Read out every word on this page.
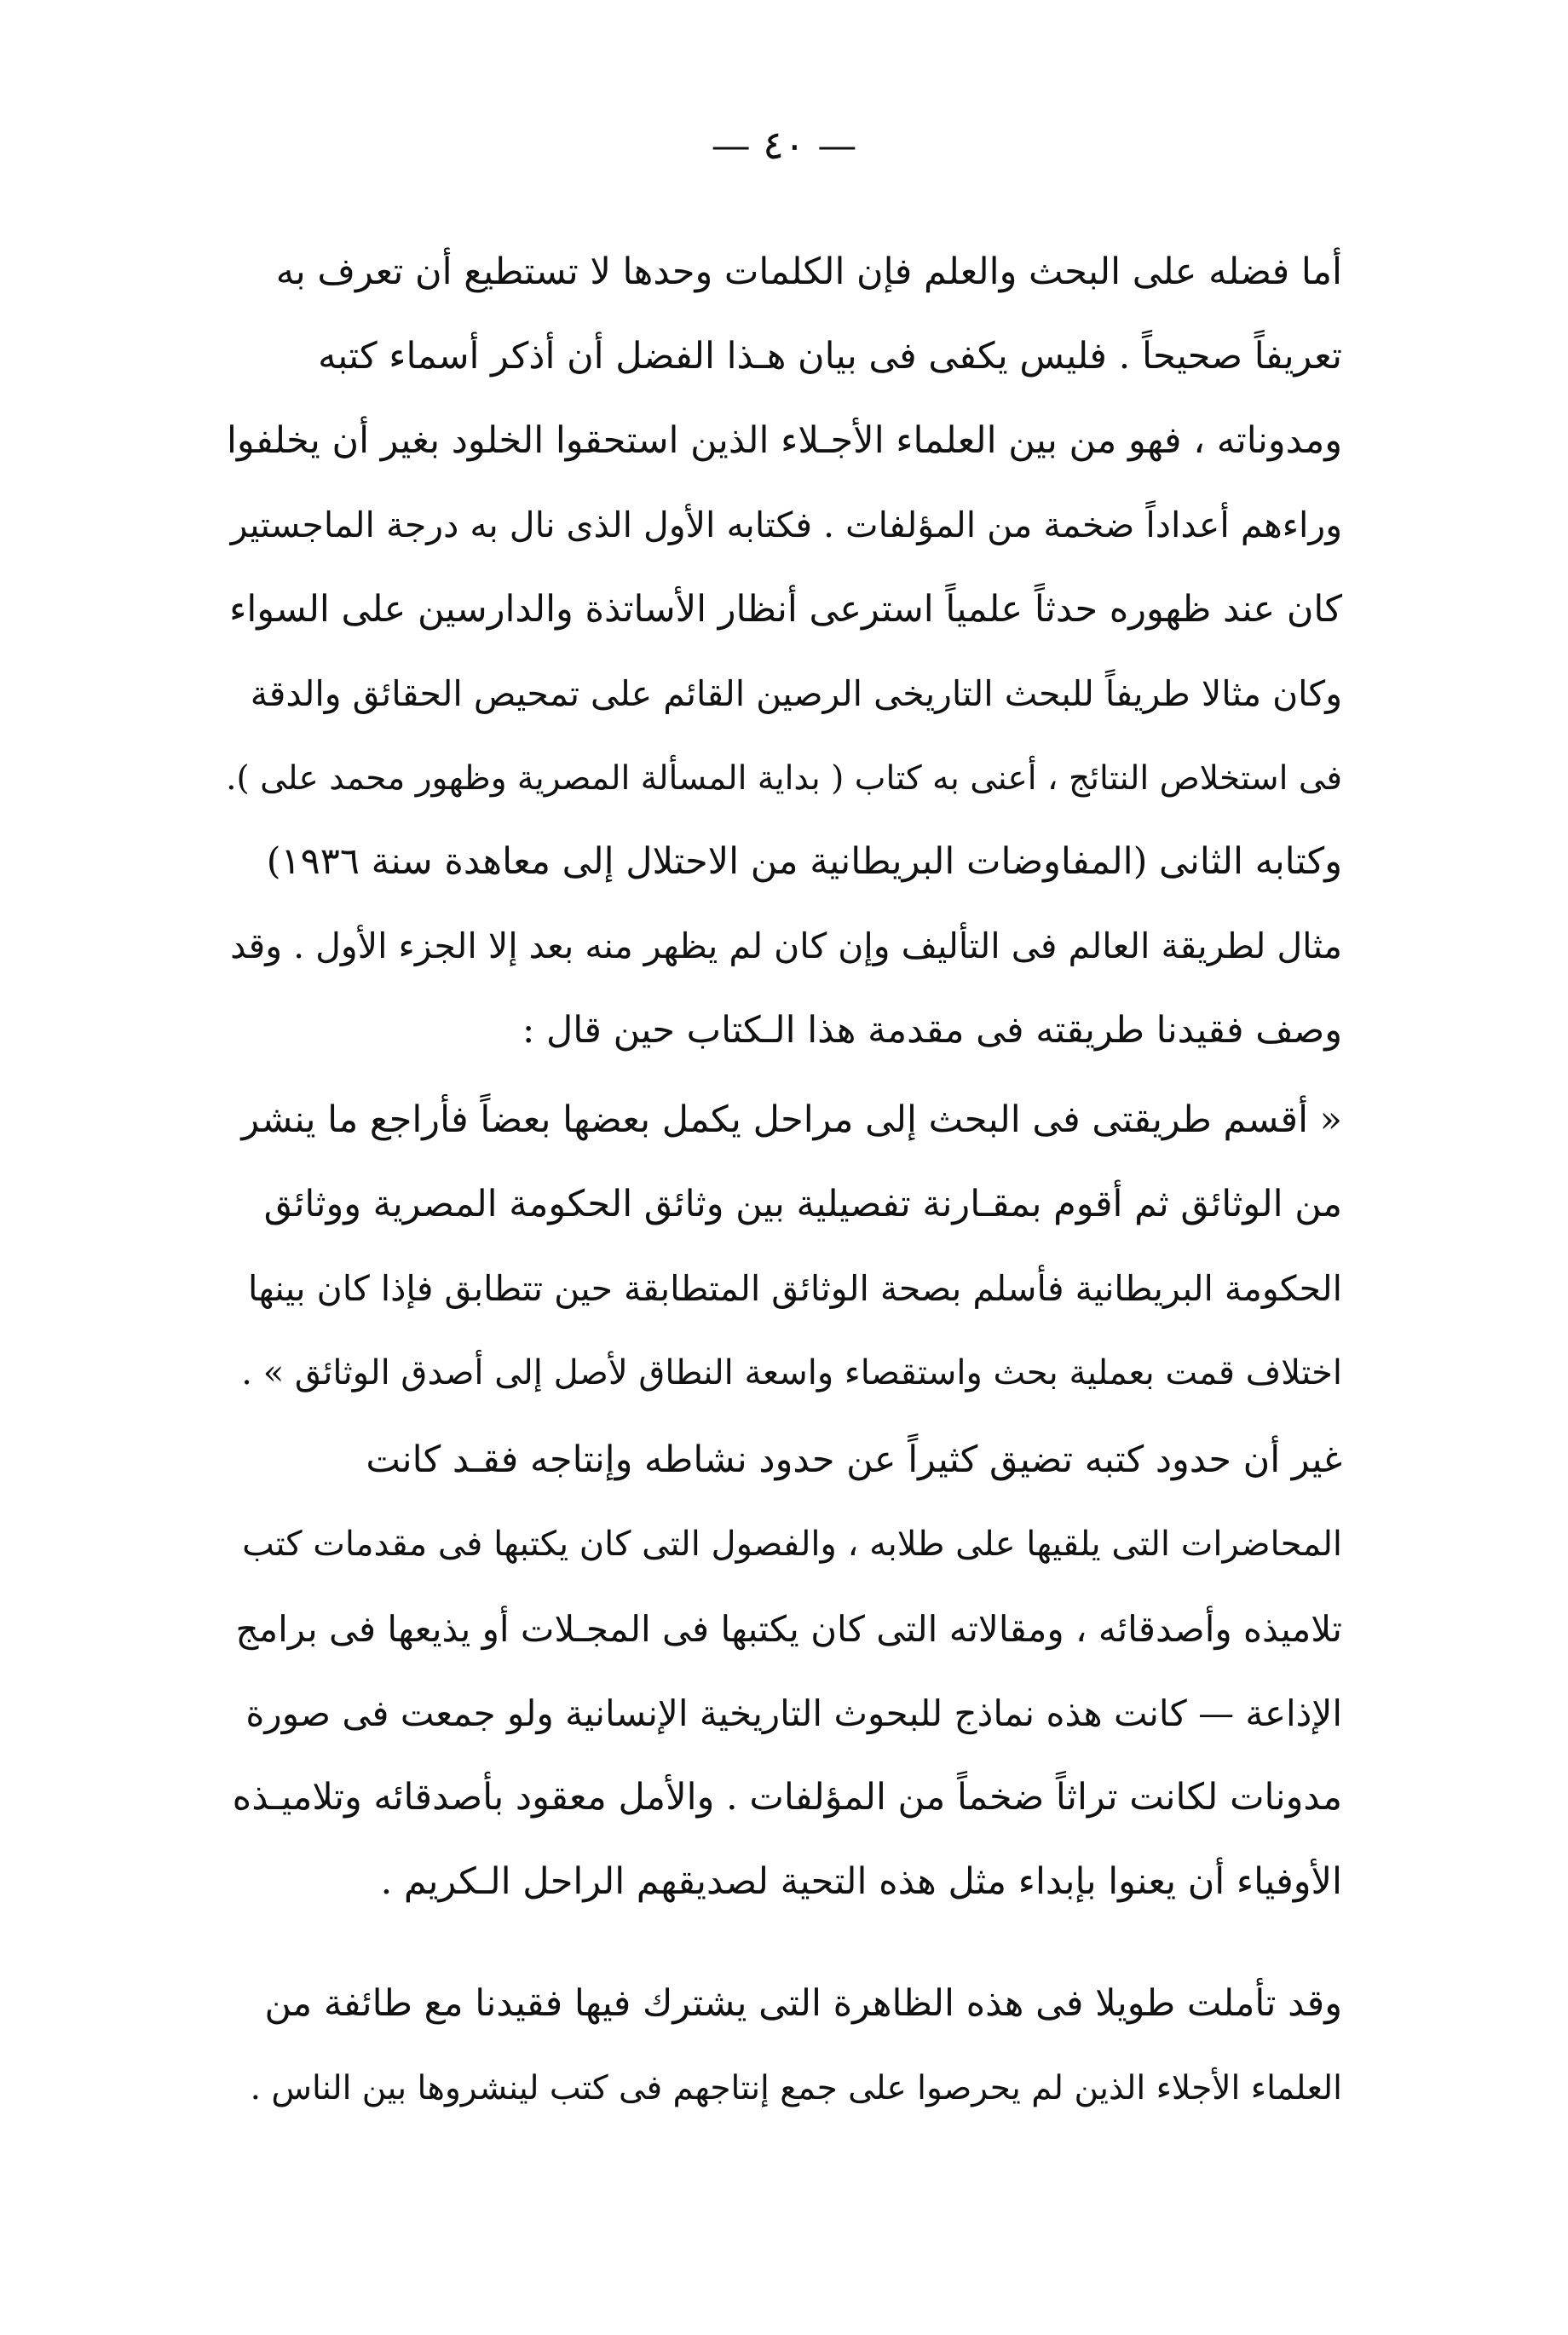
— ٤٠ —
أما فضله على البحث والعلم فإن الكلمات وحدها لا تستطيع أن تعرف به
تعريفاً صحيحاً . فليس يكفى فى بيان هـذا الفضل أن أذكر أسماء كتبه
ومدوناته ، فهو من بين العلماء الأجـلاء الذين استحقوا الخلود بغير أن يخلفوا
وراءهم أعداداً ضخمة من المؤلفات . فكتابه الأول الذى نال به درجة الماجستير
كان عند ظهوره حدثاً علمياً استرعى أنظار الأساتذة والدارسين على السواء
وكان مثالا طريفاً للبحث التاريخى الرصين القائم على تمحيص الحقائق والدقة
فى استخلاص النتائج ، أعنى به كتاب ( بداية المسألة المصرية وظهور محمد على ).
وكتابه الثانى (المفاوضات البريطانية من الاحتلال إلى معاهدة سنة ١٩٣٦)
مثال لطريقة العالم فى التأليف وإن كان لم يظهر منه بعد إلا الجزء الأول . وقد
وصف فقيدنا طريقته فى مقدمة هذا الـكتاب حين قال :
« أقسم طريقتى فى البحث إلى مراحل يكمل بعضها بعضاً فأراجع ما ينشر
من الوثائق ثم أقوم بمقـارنة تفصيلية بين وثائق الحكومة المصرية ووثائق
الحكومة البريطانية فأسلم بصحة الوثائق المتطابقة حين تتطابق فإذا كان بينها
اختلاف قمت بعملية بحث واستقصاء واسعة النطاق لأصل إلى أصدق الوثائق » .
غير أن حدود كتبه تضيق كثيراً عن حدود نشاطه وإنتاجه فقـد كانت
المحاضرات التى يلقيها على طلابه ، والفصول التى كان يكتبها فى مقدمات كتب
تلاميذه وأصدقائه ، ومقالاته التى كان يكتبها فى المجـلات أو يذيعها فى برامج
الإذاعة — كانت هذه نماذج للبحوث التاريخية الإنسانية ولو جمعت فى صورة
مدونات لكانت تراثاً ضخماً من المؤلفات . والأمل معقود بأصدقائه وتلاميـذه
الأوفياء أن يعنوا بإبداء مثل هذه التحية لصديقهم الراحل الـكريم .
وقد تأملت طويلا فى هذه الظاهرة التى يشترك فيها فقيدنا مع طائفة من
العلماء الأجلاء الذين لم يحرصوا على جمع إنتاجهم فى كتب لينشروها بين الناس .
